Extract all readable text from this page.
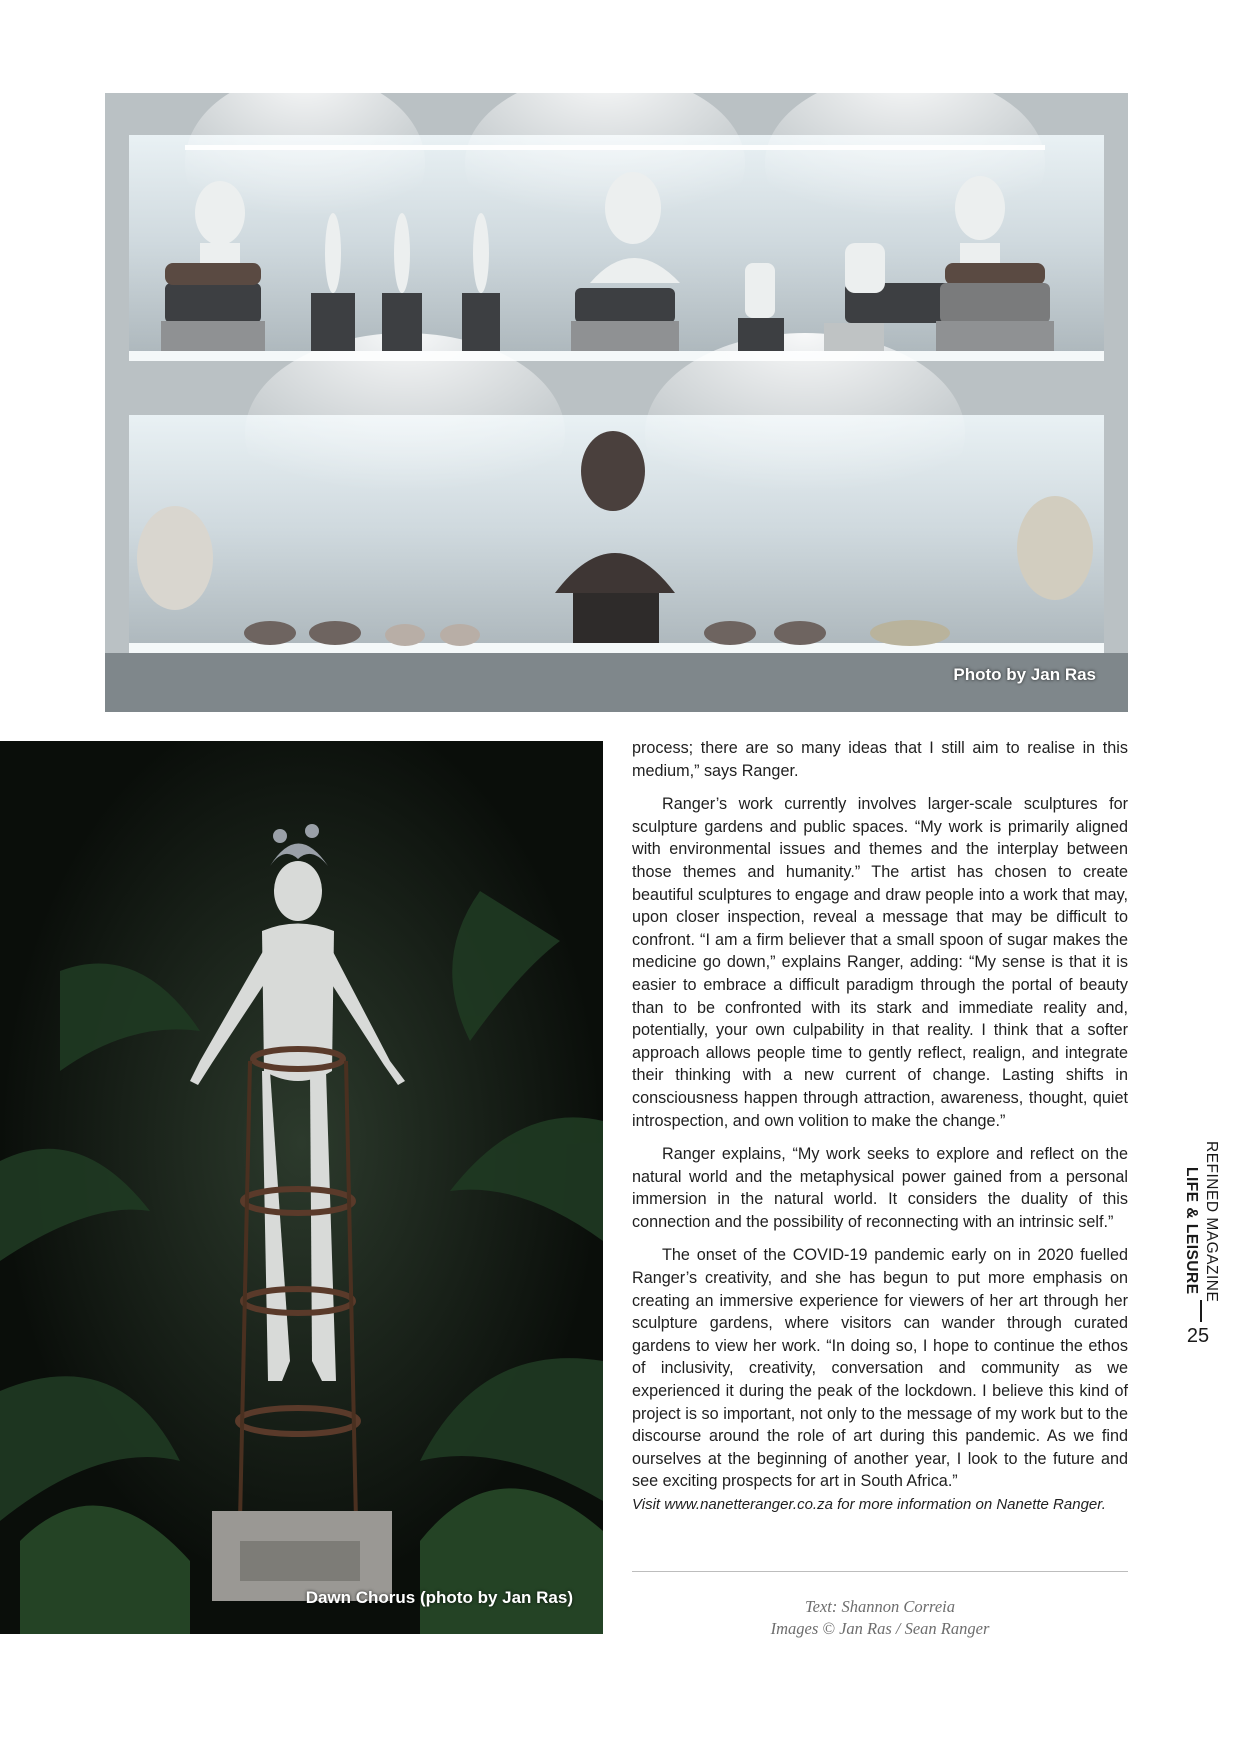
Photo by Jan Ras
Dawn Chorus (photo by Jan Ras)

process; there are so many ideas that I still aim to realise in this medium,” says Ranger.

Ranger’s work currently involves larger-scale sculptures for sculpture gardens and public spaces. “My work is primarily aligned with environmental issues and themes and the interplay between those themes and humanity.” The artist has chosen to create beautiful sculptures to engage and draw people into a work that may, upon closer inspection, reveal a message that may be difficult to confront. “I am a firm believer that a small spoon of sugar makes the medicine go down,” explains Ranger, adding: “My sense is that it is easier to embrace a difficult paradigm through the portal of beauty than to be confronted with its stark and immediate reality and, potentially, your own culpability in that reality. I think that a softer approach allows people time to gently reflect, realign, and integrate their thinking with a new current of change. Lasting shifts in consciousness happen through attraction, awareness, thought, quiet introspection, and own volition to make the change.”

Ranger explains, “My work seeks to explore and reflect on the natural world and the metaphysical power gained from a personal immersion in the natural world. It considers the duality of this connection and the possibility of reconnecting with an intrinsic self.”

The onset of the COVID-19 pandemic early on in 2020 fuelled Ranger’s creativity, and she has begun to put more emphasis on creating an immersive experience for viewers of her art through her sculpture gardens, where visitors can wander through curated gardens to view her work. “In doing so, I hope to continue the ethos of inclusivity, creativity, conversation and community as we experienced it during the peak of the lockdown. I believe this kind of project is so important, not only to the message of my work but to the discourse around the role of art during this pandemic. As we find ourselves at the beginning of another year, I look to the future and see exciting prospects for art in South Africa.”

Visit www.nanetteranger.co.za for more information on Nanette Ranger.

Text: Shannon Correia
Images © Jan Ras / Sean Ranger
LIFE & LEISURE REFINED MAGAZINE
25
